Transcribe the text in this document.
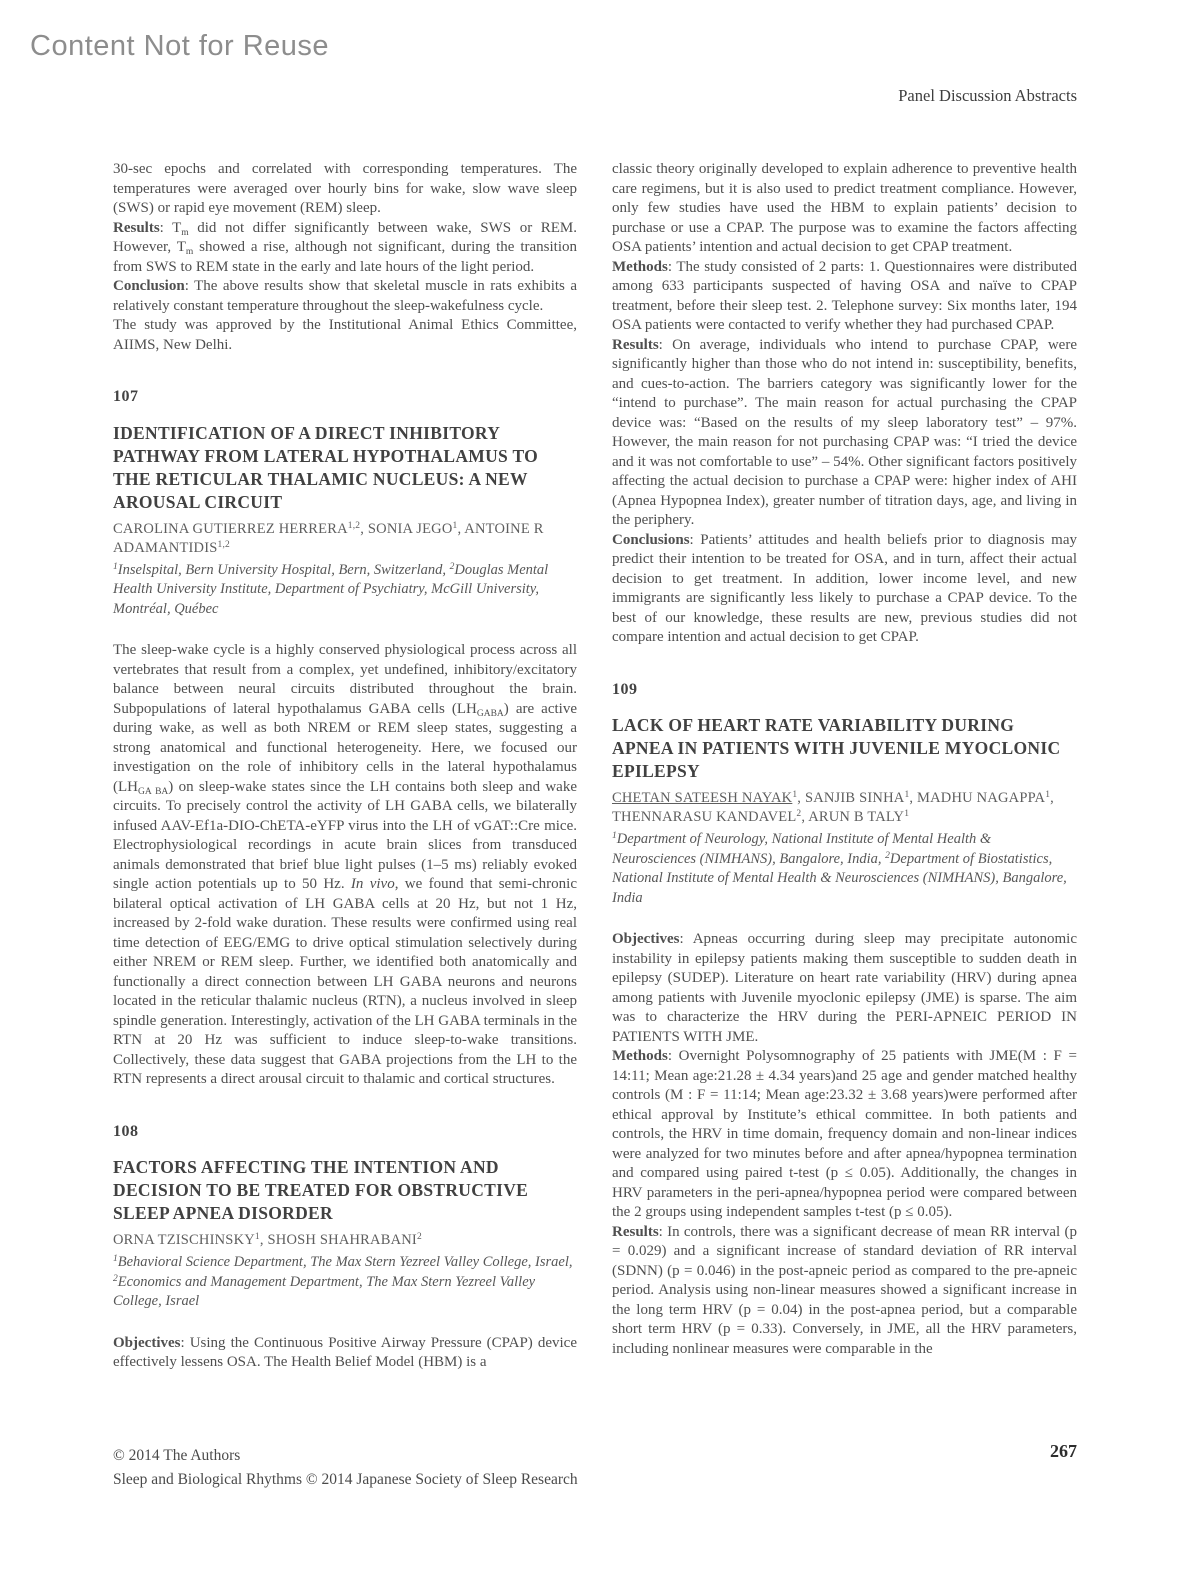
Content Not for Reuse
Panel Discussion Abstracts

30-sec epochs and correlated with corresponding temperatures. The temperatures were averaged over hourly bins for wake, slow wave sleep (SWS) or rapid eye movement (REM) sleep.

Results: $T_m$ did not differ significantly between wake, SWS or REM. However, $T_m$ showed a rise, although not significant, during the transition from SWS to REM state in the early and late hours of the light period.

Conclusion: The above results show that skeletal muscle in rats exhibits a relatively constant temperature throughout the sleep-wakefulness cycle.

The study was approved by the Institutional Animal Ethics Committee, AIIMS, New Delhi.

107
IDENTIFICATION OF A DIRECT INHIBITORY PATHWAY FROM LATERAL HYPOTHALAMUS TO THE RETICULAR THALAMIC NUCLEUS: A NEW AROUSAL CIRCUIT
CAROLINA GUTIERREZ HERRERA$^{1,2}$, SONIA JEGO$^1$, ANTOINE R ADAMANTIDIS$^{1,2}$
$^1$Inselspital, Bern University Hospital, Bern, Switzerland, $^2$Douglas Mental Health University Institute, Department of Psychiatry, McGill University, Montréal, Québec

The sleep-wake cycle is a highly conserved physiological process across all vertebrates that result from a complex, yet undefined, inhibitory/excitatory balance between neural circuits distributed throughout the brain. Subpopulations of lateral hypothalamus GABA cells $(LH_{GABA})$ are active during wake, as well as both NREM or REM sleep states, suggesting a strong anatomical and functional heterogeneity. Here, we focused our investigation on the role of inhibitory cells in the lateral hypothalamus $(LH_{GA BA})$ on sleep-wake states since the LH contains both sleep and wake circuits. To precisely control the activity of LH GABA cells, we bilaterally infused AAV-Ef1a-DIO-ChETA-eYFP virus into the LH of vGAT::Cre mice. Electrophysiological recordings in acute brain slices from transduced animals demonstrated that brief blue light pulses (1–5 ms) reliably evoked single action potentials up to 50 Hz. In vivo, we found that semi-chronic bilateral optical activation of LH GABA cells at 20 Hz, but not 1 Hz, increased by 2-fold wake duration. These results were confirmed using real time detection of EEG/EMG to drive optical stimulation selectively during either NREM or REM sleep. Further, we identified both anatomically and functionally a direct connection between LH GABA neurons and neurons located in the reticular thalamic nucleus (RTN), a nucleus involved in sleep spindle generation. Interestingly, activation of the LH GABA terminals in the RTN at 20 Hz was sufficient to induce sleep-to-wake transitions. Collectively, these data suggest that GABA projections from the LH to the RTN represents a direct arousal circuit to thalamic and cortical structures.

108
FACTORS AFFECTING THE INTENTION AND DECISION TO BE TREATED FOR OBSTRUCTIVE SLEEP APNEA DISORDER
ORNA TZISCHINSKY$^1$, SHOSH SHAHRABANI$^2$
$^1$Behavioral Science Department, The Max Stern Yezreel Valley College, Israel, $^2$Economics and Management Department, The Max Stern Yezreel Valley College, Israel

Objectives: Using the Continuous Positive Airway Pressure (CPAP) device effectively lessens OSA. The Health Belief Model (HBM) is a

classic theory originally developed to explain adherence to preventive health care regimens, but it is also used to predict treatment compliance. However, only few studies have used the HBM to explain patients’ decision to purchase or use a CPAP. The purpose was to examine the factors affecting OSA patients’ intention and actual decision to get CPAP treatment.

Methods: The study consisted of 2 parts: 1. Questionnaires were distributed among 633 participants suspected of having OSA and naïve to CPAP treatment, before their sleep test. 2. Telephone survey: Six months later, 194 OSA patients were contacted to verify whether they had purchased CPAP.

Results: On average, individuals who intend to purchase CPAP, were significantly higher than those who do not intend in: susceptibility, benefits, and cues-to-action. The barriers category was significantly lower for the “intend to purchase”. The main reason for actual purchasing the CPAP device was: “Based on the results of my sleep laboratory test” – 97%. However, the main reason for not purchasing CPAP was: “I tried the device and it was not comfortable to use” – 54%. Other significant factors positively affecting the actual decision to purchase a CPAP were: higher index of AHI (Apnea Hypopnea Index), greater number of titration days, age, and living in the periphery.

Conclusions: Patients’ attitudes and health beliefs prior to diagnosis may predict their intention to be treated for OSA, and in turn, affect their actual decision to get treatment. In addition, lower income level, and new immigrants are significantly less likely to purchase a CPAP device. To the best of our knowledge, these results are new, previous studies did not compare intention and actual decision to get CPAP.

109
LACK OF HEART RATE VARIABILITY DURING APNEA IN PATIENTS WITH JUVENILE MYOCLONIC EPILEPSY
CHETAN SATEESH NAYAK$^1$, SANJIB SINHA$^1$, MADHU NAGAPPA$^1$, THENNARASU KANDAVEL$^2$, ARUN B TALY$^1$
$^1$Department of Neurology, National Institute of Mental Health & Neurosciences (NIMHANS), Bangalore, India, $^2$Department of Biostatistics, National Institute of Mental Health & Neurosciences (NIMHANS), Bangalore, India

Objectives: Apneas occurring during sleep may precipitate autonomic instability in epilepsy patients making them susceptible to sudden death in epilepsy (SUDEP). Literature on heart rate variability (HRV) during apnea among patients with Juvenile myoclonic epilepsy (JME) is sparse. The aim was to characterize the HRV during the PERI-APNEIC PERIOD IN PATIENTS WITH JME.

Methods: Overnight Polysomnography of 25 patients with JME(M : F = 14:11; Mean age:21.28 ± 4.34 years)and 25 age and gender matched healthy controls (M : F = 11:14; Mean age:23.32 ± 3.68 years)were performed after ethical approval by Institute’s ethical committee. In both patients and controls, the HRV in time domain, frequency domain and non-linear indices were analyzed for two minutes before and after apnea/hypopnea termination and compared using paired t-test (p ≤ 0.05). Additionally, the changes in HRV parameters in the peri-apnea/hypopnea period were compared between the 2 groups using independent samples t-test (p ≤ 0.05).

Results: In controls, there was a significant decrease of mean RR interval (p = 0.029) and a significant increase of standard deviation of RR interval (SDNN) (p = 0.046) in the post-apneic period as compared to the pre-apneic period. Analysis using non-linear measures showed a significant increase in the long term HRV (p = 0.04) in the post-apnea period, but a comparable short term HRV (p = 0.33). Conversely, in JME, all the HRV parameters, including nonlinear measures were comparable in the

© 2014 The Authors
Sleep and Biological Rhythms © 2014 Japanese Society of Sleep Research
267
